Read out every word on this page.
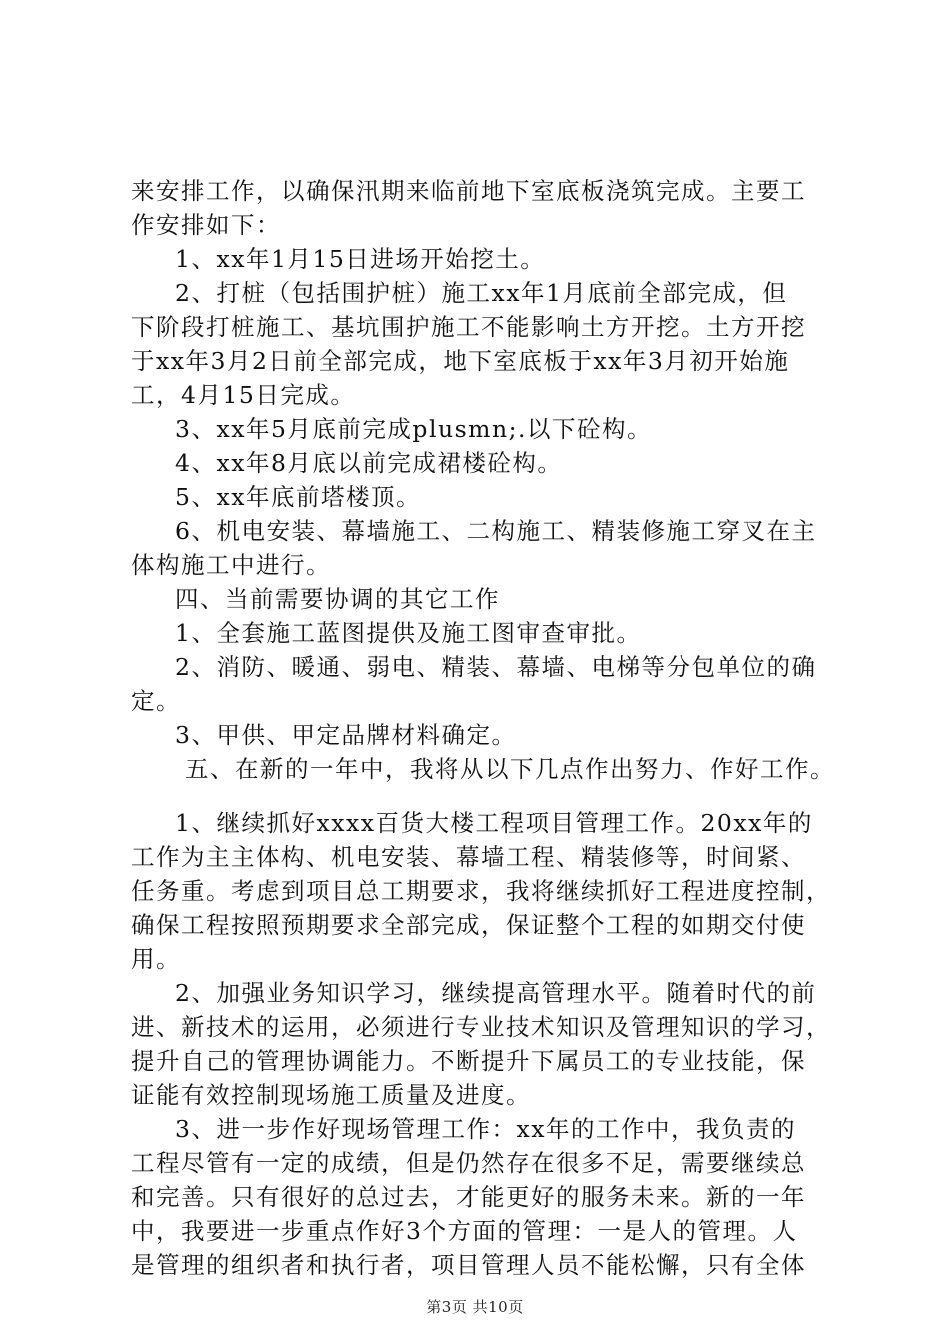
来安排工作，以确保汛期来临前地下室底板浇筑完成。主要工
作安排如下：
1、xx年1月15日进场开始挖土。
2、打桩（包括围护桩）施工xx年1月底前全部完成，但
下阶段打桩施工、基坑围护施工不能影响土方开挖。土方开挖
于xx年3月2日前全部完成，地下室底板于xx年3月初开始施
工，4月15日完成。
3、xx年5月底前完成plusmn;.以下砼构。
4、xx年8月底以前完成裙楼砼构。
5、xx年底前塔楼顶。
6、机电安装、幕墙施工、二构施工、精装修施工穿叉在主
体构施工中进行。
四、当前需要协调的其它工作
1、全套施工蓝图提供及施工图审查审批。
2、消防、暖通、弱电、精装、幕墙、电梯等分包单位的确
定。
3、甲供、甲定品牌材料确定。
五、在新的一年中，我将从以下几点作出努力、作好工作。
1、继续抓好xxxx百货大楼工程项目管理工作。20xx年的
工作为主主体构、机电安装、幕墙工程、精装修等，时间紧、
任务重。考虑到项目总工期要求，我将继续抓好工程进度控制，
确保工程按照预期要求全部完成，保证整个工程的如期交付使
用。
2、加强业务知识学习，继续提高管理水平。随着时代的前
进、新技术的运用，必须进行专业技术知识及管理知识的学习，
提升自己的管理协调能力。不断提升下属员工的专业技能，保
证能有效控制现场施工质量及进度。
3、进一步作好现场管理工作：xx年的工作中，我负责的
工程尽管有一定的成绩，但是仍然存在很多不足，需要继续总
和完善。只有很好的总过去，才能更好的服务未来。新的一年
中，我要进一步重点作好3个方面的管理：一是人的管理。人
是管理的组织者和执行者，项目管理人员不能松懈，只有全体
第3页 共10页
